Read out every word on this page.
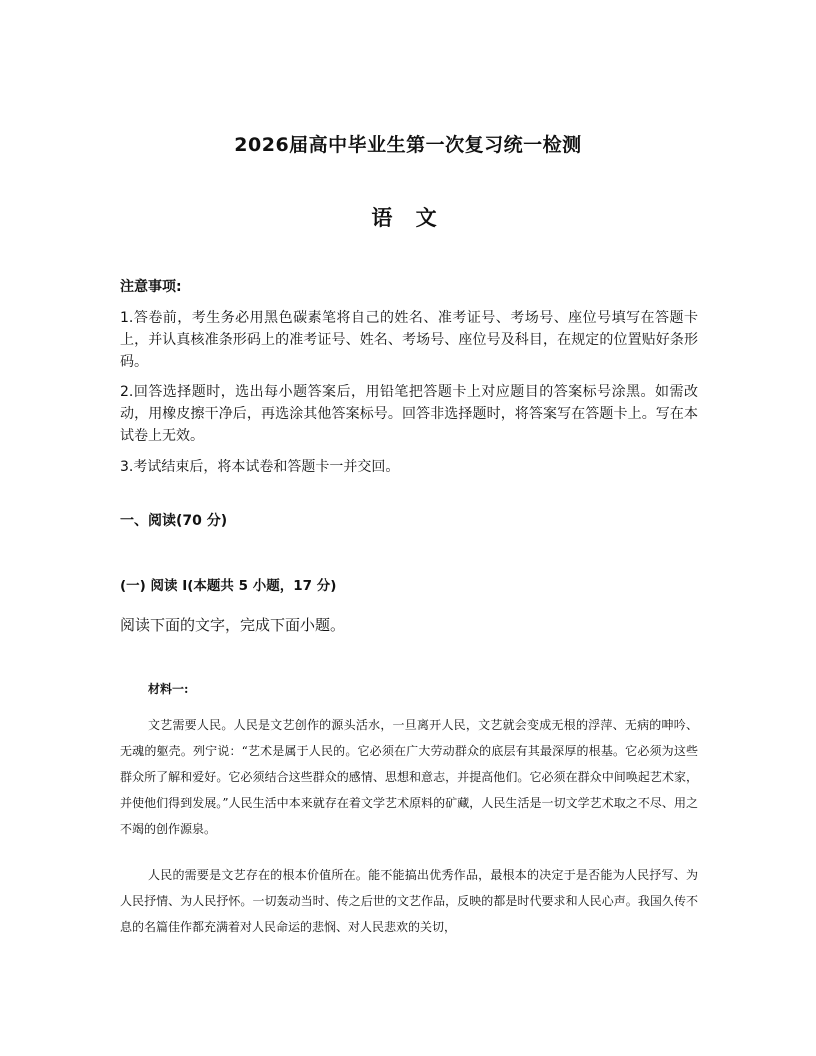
2026届高中毕业生第一次复习统一检测
语 文
注意事项:
1.答卷前，考生务必用黑色碳素笔将自己的姓名、准考证号、考场号、座位号填写在答题卡上，并认真核准条形码上的准考证号、姓名、考场号、座位号及科目，在规定的位置贴好条形码。
2.回答选择题时，选出每小题答案后，用铅笔把答题卡上对应题目的答案标号涂黑。如需改动，用橡皮擦干净后，再选涂其他答案标号。回答非选择题时，将答案写在答题卡上。写在本试卷上无效。
3.考试结束后，将本试卷和答题卡一并交回。
一、阅读(70 分)
(一) 阅读 I(本题共 5 小题，17 分)
阅读下面的文字，完成下面小题。
材料一:

文艺需要人民。人民是文艺创作的源头活水，一旦离开人民，文艺就会变成无根的浮萍、无病的呻吟、无魂的躯壳。列宁说：“艺术是属于人民的。它必须在广大劳动群众的底层有其最深厚的根基。它必须为这些群众所了解和爱好。它必须结合这些群众的感情、思想和意志，并提高他们。它必须在群众中间唤起艺术家，并使他们得到发展。”人民生活中本来就存在着文学艺术原料的矿藏，人民生活是一切文学艺术取之不尽、用之不竭的创作源泉。

人民的需要是文艺存在的根本价值所在。能不能搞出优秀作品，最根本的决定于是否能为人民抒写、为人民抒情、为人民抒怀。一切轰动当时、传之后世的文艺作品，反映的都是时代要求和人民心声。我国久传不息的名篇佳作都充满着对人民命运的悲悯、对人民悲欢的关切，
